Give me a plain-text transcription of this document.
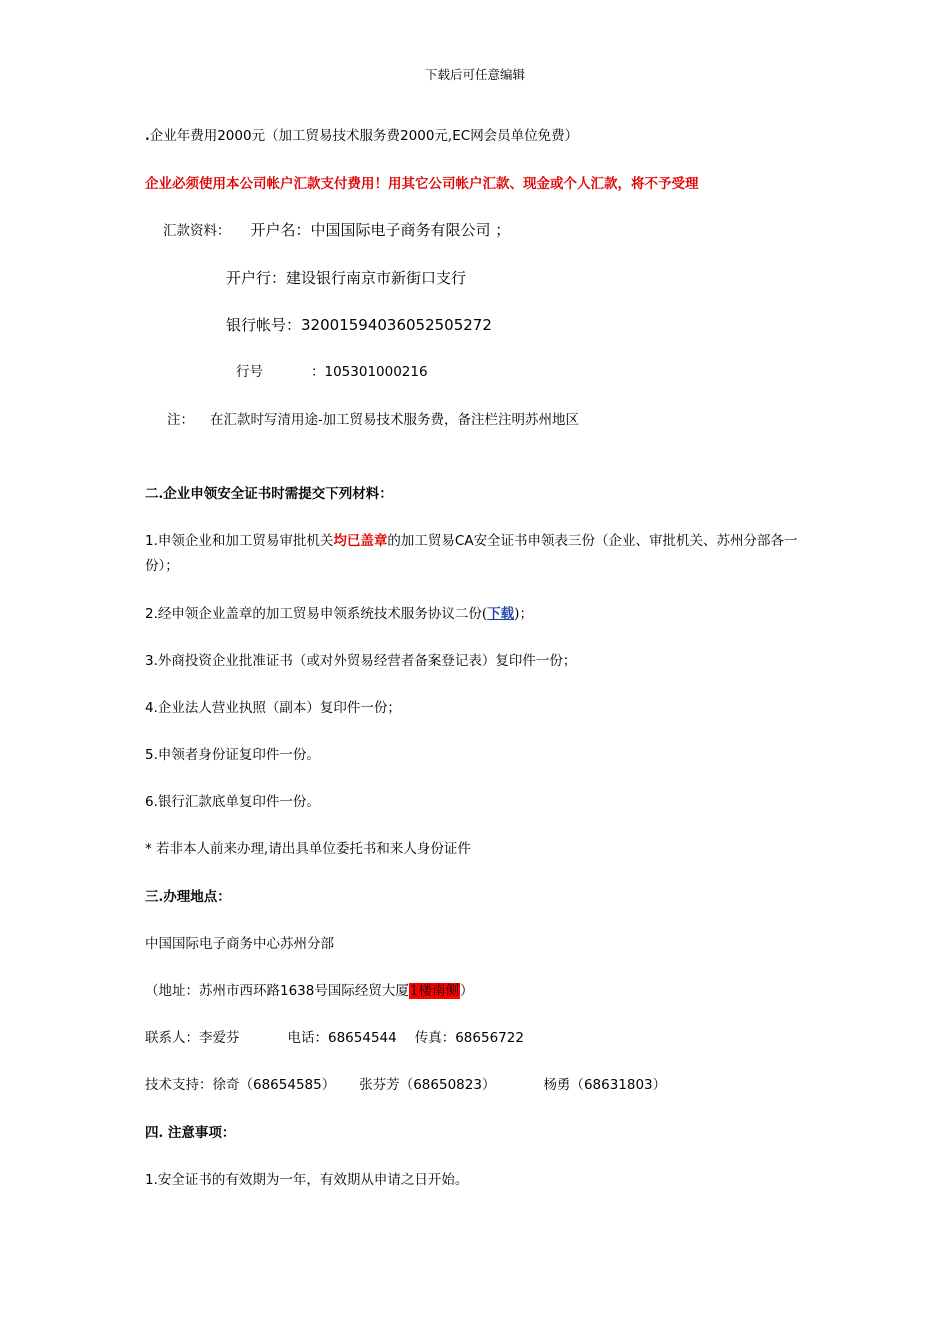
下载后可任意编辑
.企业年费用2000元（加工贸易技术服务费2000元,EC网会员单位免费）
企业必须使用本公司帐户汇款支付费用！用其它公司帐户汇款、现金或个人汇款，将不予受理
汇款资料： 开户名：中国国际电子商务有限公司 ；
开户行：建设银行南京市新街口支行
银行帐号：32001594036052505272
行号	：105301000216
注： 在汇款时写清用途-加工贸易技术服务费，备注栏注明苏州地区
二.企业申领安全证书时需提交下列材料：
1.申领企业和加工贸易审批机关均已盖章的加工贸易CA安全证书申领表三份（企业、审批机关、苏州分部各一份）；
2.经申领企业盖章的加工贸易申领系统技术服务协议二份(下载)；
3.外商投资企业批准证书（或对外贸易经营者备案登记表）复印件一份；
4.企业法人营业执照（副本）复印件一份；
5.申领者身份证复印件一份。
6.银行汇款底单复印件一份。
* 若非本人前来办理,请出具单位委托书和来人身份证件
三.办理地点：
中国国际电子商务中心苏州分部
（地址：苏州市西环路1638号国际经贸大厦1楼南侧）
联系人：李爱芬	电话：68654544 传真：68656722
技术支持：徐奇（68654585） 张芬芳（68650823）	杨勇（68631803）
四. 注意事项：
1.安全证书的有效期为一年，有效期从申请之日开始。
